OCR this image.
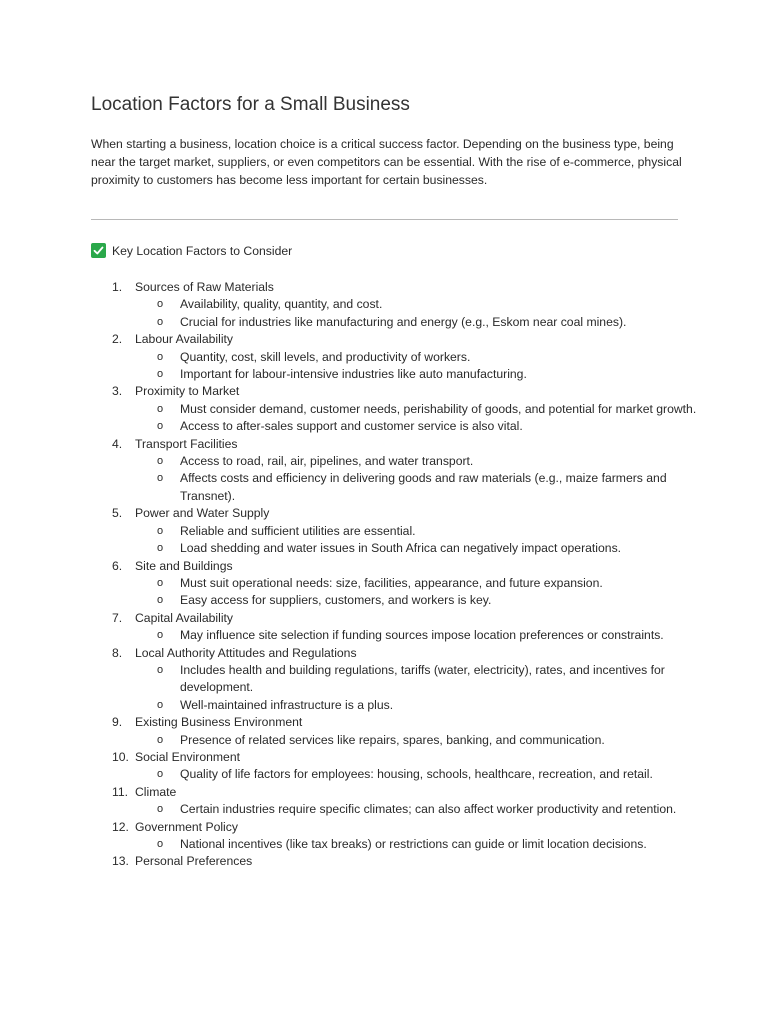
Location Factors for a Small Business

When starting a business, location choice is a critical success factor. Depending on the business type, being near the target market, suppliers, or even competitors can be essential. With the rise of e-commerce, physical proximity to customers has become less important for certain businesses.

Key Location Factors to Consider
1. Sources of Raw Materials
o Availability, quality, quantity, and cost.
o Crucial for industries like manufacturing and energy (e.g., Eskom near coal mines).
2. Labour Availability
o Quantity, cost, skill levels, and productivity of workers.
o Important for labour-intensive industries like auto manufacturing.
3. Proximity to Market
o Must consider demand, customer needs, perishability of goods, and potential for market growth.
o Access to after-sales support and customer service is also vital.
4. Transport Facilities
o Access to road, rail, air, pipelines, and water transport.
o Affects costs and efficiency in delivering goods and raw materials (e.g., maize farmers and Transnet).
5. Power and Water Supply
o Reliable and sufficient utilities are essential.
o Load shedding and water issues in South Africa can negatively impact operations.
6. Site and Buildings
o Must suit operational needs: size, facilities, appearance, and future expansion.
o Easy access for suppliers, customers, and workers is key.
7. Capital Availability
o May influence site selection if funding sources impose location preferences or constraints.
8. Local Authority Attitudes and Regulations
o Includes health and building regulations, tariffs (water, electricity), rates, and incentives for development.
o Well-maintained infrastructure is a plus.
9. Existing Business Environment
o Presence of related services like repairs, spares, banking, and communication.
10. Social Environment
o Quality of life factors for employees: housing, schools, healthcare, recreation, and retail.
11. Climate
o Certain industries require specific climates; can also affect worker productivity and retention.
12. Government Policy
o National incentives (like tax breaks) or restrictions can guide or limit location decisions.
13. Personal Preferences
